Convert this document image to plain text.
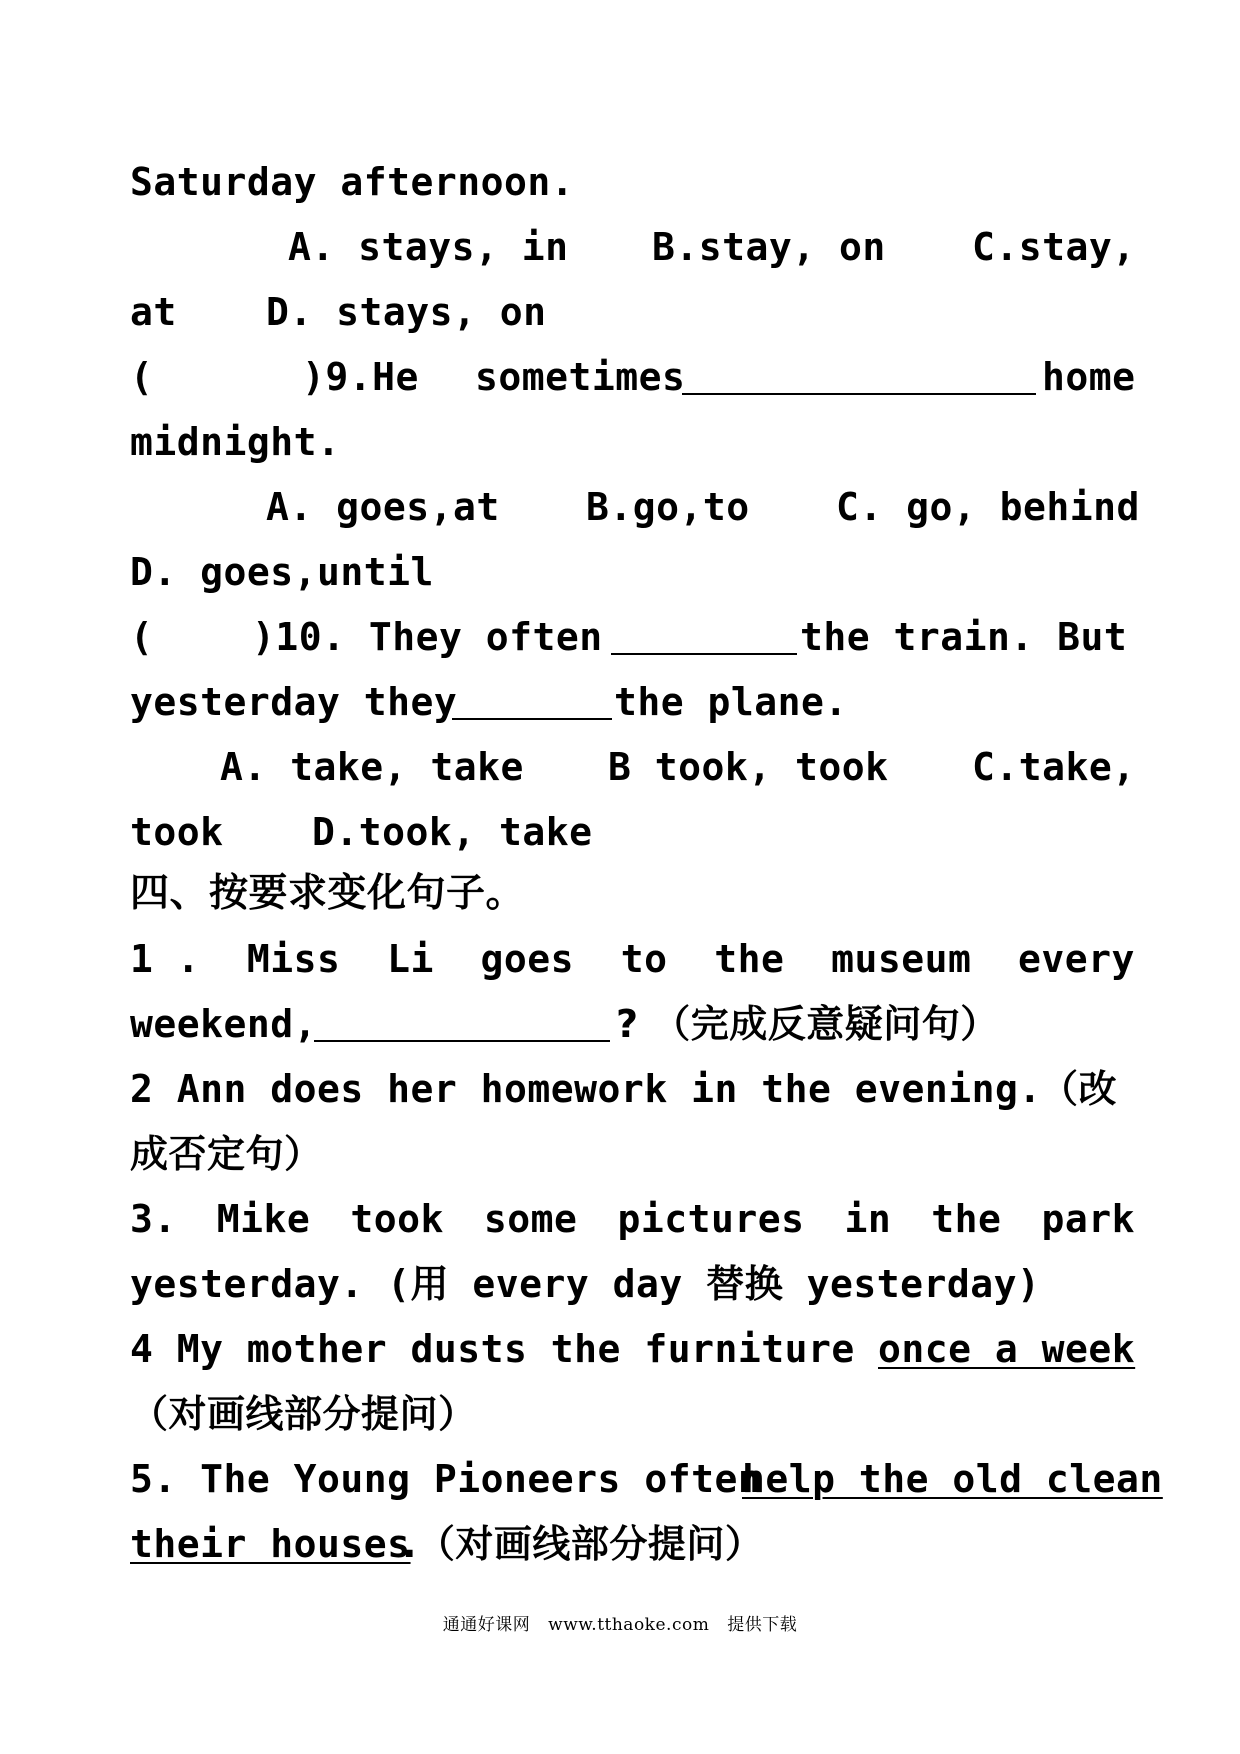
Saturday afternoon.
A. stays, in B.stay, on C.stay,
at D. stays, on
(	)9.He sometimes	home
midnight.
A. goes,at B.go,to C. go, behind
D. goes,until
(	)10. They often	the train. But
yesterday they	the plane.
A. take, take B took, took C.take,
took D.took, take
四、按要求变化句子。
1 . Miss Li goes to the museum every
weekend,	? （完成反意疑问句）
2 Ann does her homework in the evening.
（改
成否定句）
3. Mike took some pictures in the park
yesterday. (用 every day 替换 yesterday)
4 My mother dusts the furniture once a week
（对画线部分提问）
5. The Young Pioneers often
help the old clean
their houses
.（对画线部分提问）
通通好课网 www.tthaoke.com 提供下载
